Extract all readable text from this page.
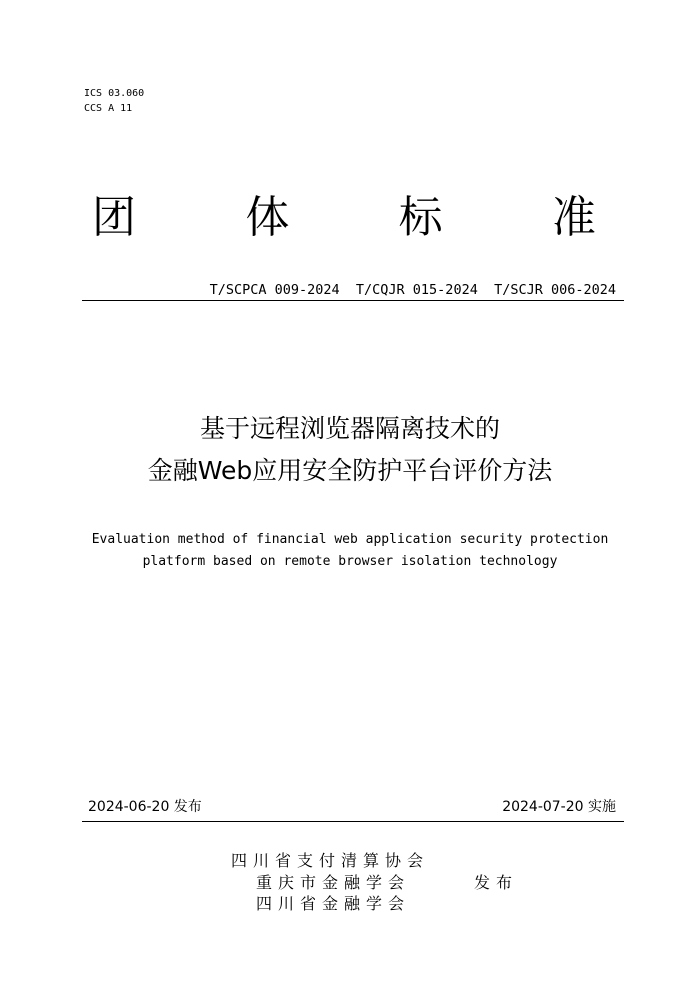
ICS 03.060
CCS A 11
团 体 标 准
T/SCPCA 009-2024  T/CQJR 015-2024  T/SCJR 006-2024
基于远程浏览器隔离技术的
金融Web应用安全防护平台评价方法
Evaluation method of financial web application security protection
platform based on remote browser isolation technology
2024-06-20 发布	2024-07-20 实施
四川省支付清算协会
重庆市金融学会
四川省金融学会
发布
